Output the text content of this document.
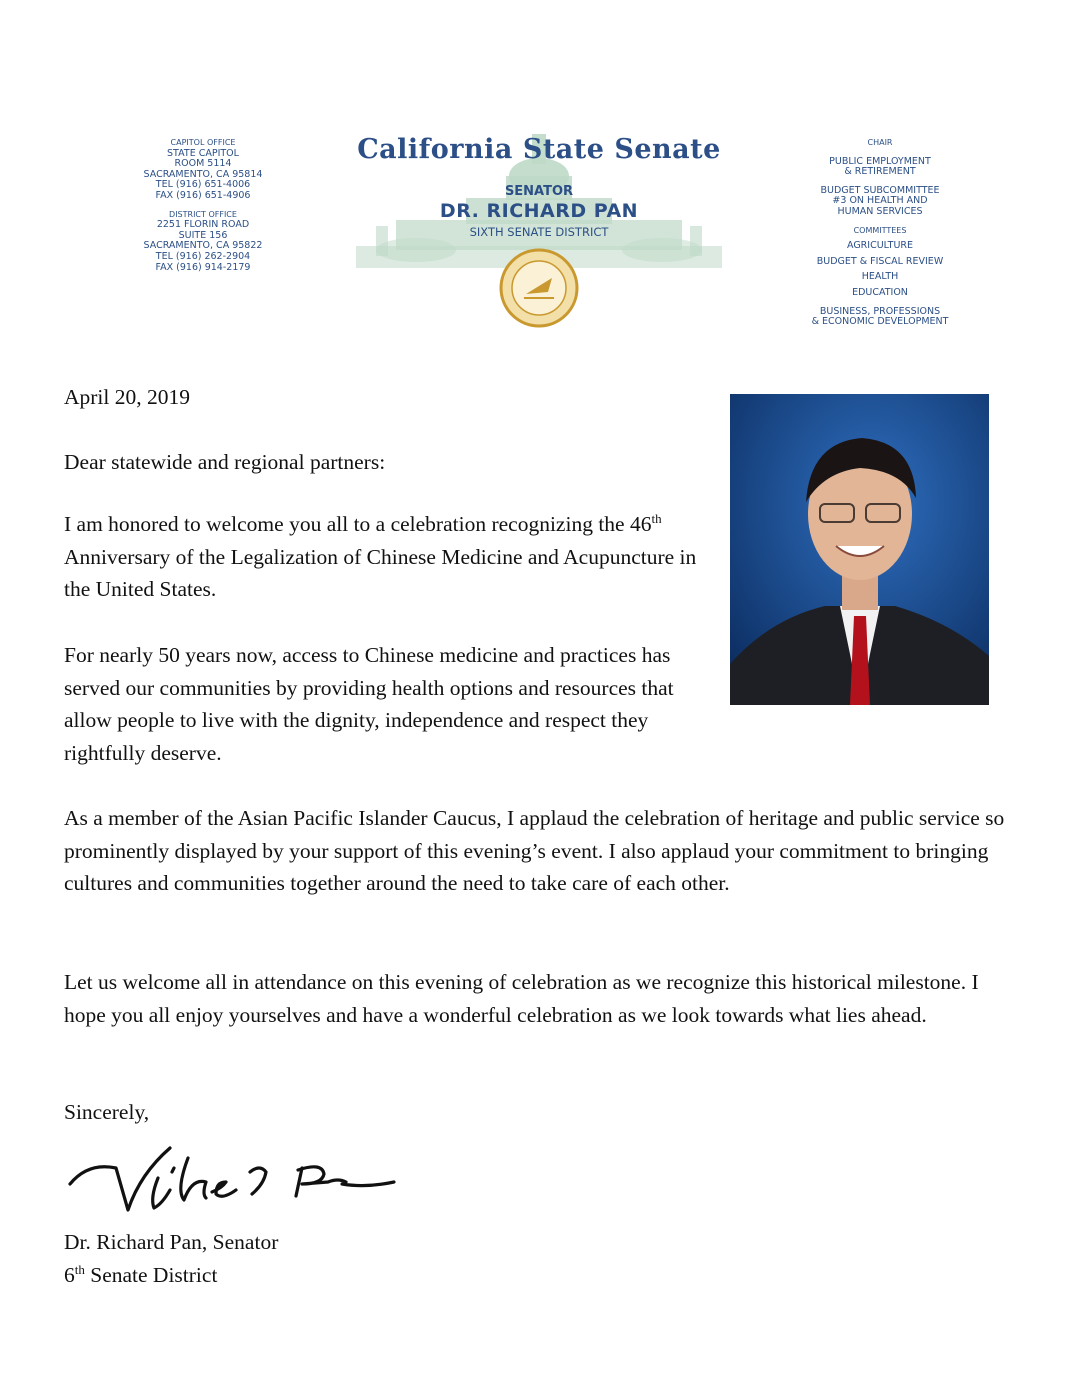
CAPITOL OFFICE
STATE CAPITOL
ROOM 5114
SACRAMENTO, CA 95814
TEL (916) 651-4006
FAX (916) 651-4906
DISTRICT OFFICE
2251 FLORIN ROAD
SUITE 156
SACRAMENTO, CA 95822
TEL (916) 262-2904
FAX (916) 914-2179
California State Senate
SENATOR
DR. RICHARD PAN
SIXTH SENATE DISTRICT
CHAIR
PUBLIC EMPLOYMENT
& RETIREMENT
BUDGET SUBCOMMITTEE
#3 ON HEALTH AND
HUMAN SERVICES
COMMITTEES
AGRICULTURE
BUDGET & FISCAL REVIEW
HEALTH
EDUCATION
BUSINESS, PROFESSIONS
& ECONOMIC DEVELOPMENT

April 20, 2019

Dear statewide and regional partners:

I am honored to welcome you all to a celebration recognizing the 46th Anniversary of the Legalization of Chinese Medicine and Acupuncture in the United States.

For nearly 50 years now, access to Chinese medicine and practices has served our communities by providing health options and resources that allow people to live with the dignity, independence and respect they rightfully deserve.

As a member of the Asian Pacific Islander Caucus, I applaud the celebration of heritage and public service so prominently displayed by your support of this evening’s event. I also applaud your commitment to bringing cultures and communities together around the need to take care of each other.

Let us welcome all in attendance on this evening of celebration as we recognize this historical milestone. I hope you all enjoy yourselves and have a wonderful celebration as we look towards what lies ahead.

Sincerely,

Dr. Richard Pan, Senator

6th Senate District
